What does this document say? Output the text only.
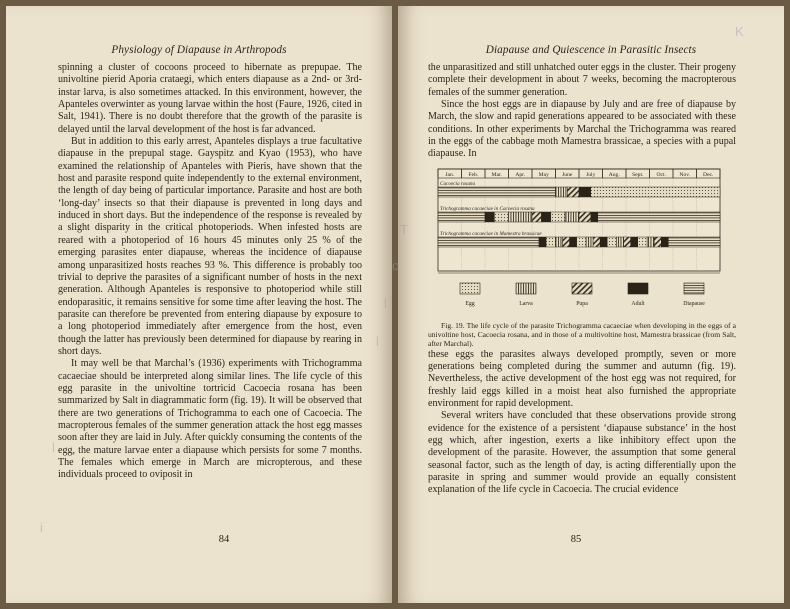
Physiology of Diapause in Arthropods

spinning a cluster of cocoons proceed to hibernate as prepupae. The univoltine pierid Aporia crataegi, which enters diapause as a 2nd- or 3rd-instar larva, is also sometimes attacked. In this environment, however, the Apanteles overwinter as young larvae within the host (Faure, 1926, cited in Salt, 1941). There is no doubt therefore that the growth of the parasite is delayed until the larval development of the host is far advanced.

But in addition to this early arrest, Apanteles displays a true facultative diapause in the prepupal stage. Gayspitz and Kyao (1953), who have examined the relationship of Apanteles with Pieris, have shown that the host and parasite respond quite independently to the external environment, the length of day being of particular importance. Parasite and host are both ‘long-day’ insects so that their diapause is prevented in long days and induced in short days. But the independence of the response is revealed by a slight disparity in the critical photoperiods. When infested hosts are reared with a photoperiod of 16 hours 45 minutes only 25 % of the emerging parasites enter diapause, whereas the incidence of diapause among unparasitized hosts reaches 93 %. This difference is probably too trivial to deprive the parasites of a significant number of hosts in the next generation. Although Apanteles is responsive to photoperiod while still endoparasitic, it remains sensitive for some time after leaving the host. The parasite can therefore be prevented from entering diapause by exposure to a long photoperiod immediately after emergence from the host, even though the latter has previously been determined for diapause by rearing in short days.

It may well be that Marchal’s (1936) experiments with Trichogramma cacaeciae should be interpreted along similar lines. The life cycle of this egg parasite in the univoltine tortricid Cacoecia rosana has been summarized by Salt in diagrammatic form (fig. 19). It will be observed that there are two generations of Trichogramma to each one of Cacoecia. The macropterous females of the summer generation attack the host egg masses soon after they are laid in July. After quickly consuming the contents of the egg, the mature larvae enter a diapause which persists for some 7 months. The females which emerge in March are micropterous, and these individuals proceed to oviposit in

84
Diapause and Quiescence in Parasitic Insects

the unparasitized and still unhatched outer eggs in the cluster. Their progeny complete their development in about 7 weeks, becoming the macropterous females of the summer generation.

Since the host eggs are in diapause by July and are free of diapause by March, the slow and rapid generations appeared to be associated with these conditions. In other experiments by Marchal the Trichogramma was reared in the eggs of the cabbage moth Mamestra brassicae, a species with a pupal diapause. In

Jan.	Feb. Mar. Apr. May June July Aug. Sept. Oct. Nov. Dec.
Cacoecia rosana
Trichogramma cacaeciae in Cacoecia rosana
Trichogramma cacaeciae in Mamestra brassicae
Egg	Larva	Pupa	Adult	Diapause

Fig. 19. The life cycle of the parasite Trichogramma cacaeciae when developing in the eggs of a univoltine host, Cacoecia rosana, and in those of a multivoltine host, Mamestra brassicae (from Salt, after Marchal).

these eggs the parasites always developed promptly, seven or more generations being completed during the summer and autumn (fig. 19). Nevertheless, the active development of the host egg was not required, for freshly laid eggs killed in a moist heat also furnished the appropriate environment for rapid development.

Several writers have concluded that these observations provide strong evidence for the existence of a persistent ‘diapause substance’ in the host egg which, after ingestion, exerts a like inhibitory effect upon the development of the parasite. However, the assumption that some general seasonal factor, such as the length of day, is acting differentially upon the parasite in spring and summer would provide an equally consistent explanation of the life cycle in Cacoecia. The crucial evidence

85
T
o
l
i
l
l
K
